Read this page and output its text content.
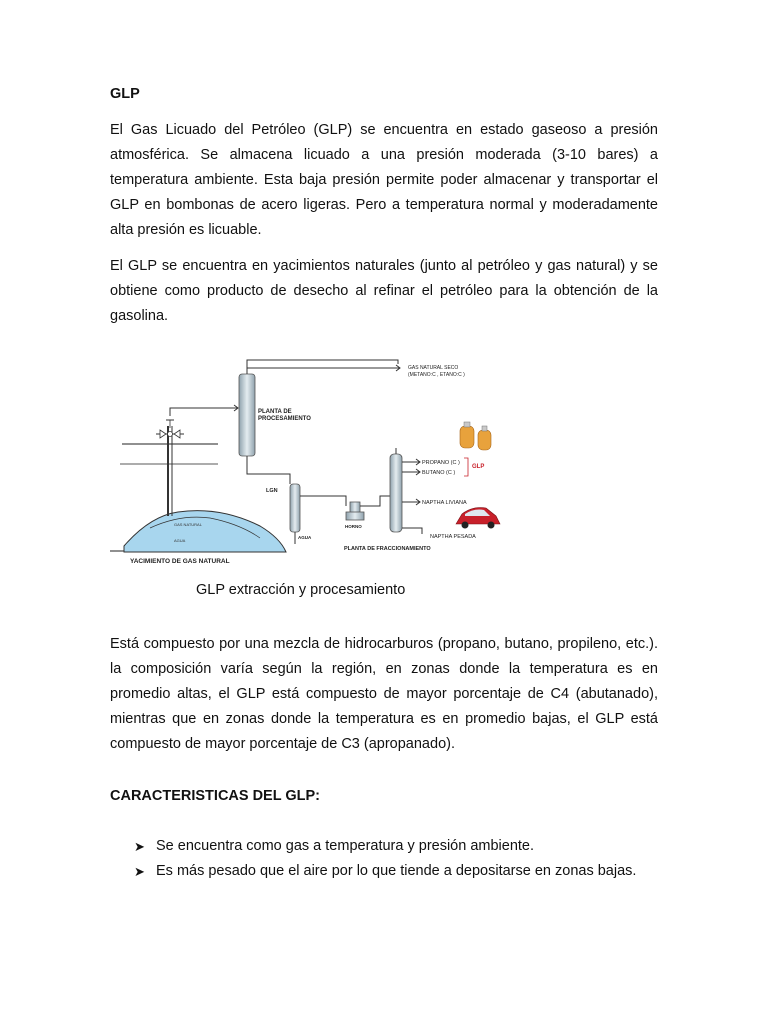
GLP

El Gas Licuado del Petróleo (GLP) se encuentra en estado gaseoso a presión atmosférica. Se almacena licuado a una presión moderada (3-10 bares) a temperatura ambiente. Esta baja presión permite poder almacenar y transportar el GLP en bombonas de acero ligeras. Pero a temperatura normal y moderadamente alta presión es licuable.

El GLP se encuentra en yacimientos naturales (junto al petróleo y gas natural) y se obtiene como producto de desecho al refinar el petróleo para la obtención de la gasolina.

GAS NATURAL
AGUA
GAS NATURAL SECO
(METANO:C , ETANO:C )
PLANTA DE
PROCESAMIENTO
LGN
AGUA
HORNO
PLANTA DE FRACCIONAMIENTO
PROPANO (C )
BUTANO (C )
NAPTHA LIVIANA
NAPTHA PESADA
GLP
YACIMIENTO DE GAS NATURAL
GLP extracción y procesamiento

Está compuesto por una mezcla de hidrocarburos (propano, butano, propileno, etc.). la composición varía según la región, en zonas donde la temperatura es en promedio altas, el GLP está compuesto de mayor porcentaje de C4 (abutanado), mientras que en zonas donde la temperatura es en promedio bajas, el GLP está compuesto de mayor porcentaje de C3 (apropanado).

CARACTERISTICAS DEL GLP:
➤ Se encuentra como gas a temperatura y presión ambiente.
➤ Es más pesado que el aire por lo que tiende a depositarse en zonas bajas.
